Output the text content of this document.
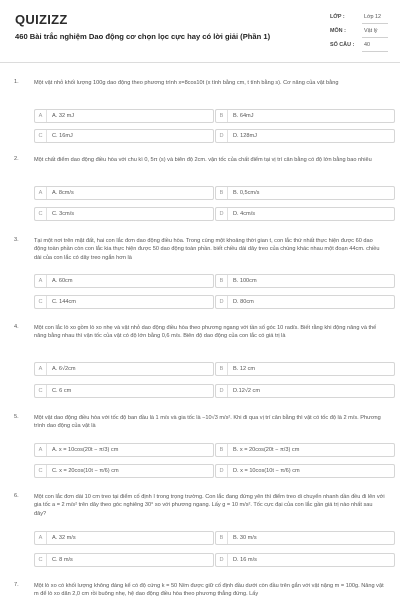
QUIZIZZ
460 Bài trắc nghiệm Dao động cơ chọn lọc cực hay có lời giải (Phần 1)
LỚP :	Lớp 12
MÔN :	Vật lý
SỐ CÂU : 40
1.	Một vật nhỏ khối lượng 100g dao động theo phương trình x=8cos10t (x tính bằng cm, t tính bằng s). Cơ năng của vật bằng
A	A. 32 mJ	B	B. 64mJ
C	C. 16mJ	D	D. 128mJ
2.	Một chất điểm dao động điều hòa với chu kì 0, 5π (s) và biên độ 2cm. vận tốc của chất điểm tại vị trí cân bằng có độ lớn bằng bao nhiêu
A	A. 8cm/s	B	B. 0,5cm/s
C	C. 3cm/s	D	D. 4cm/s
3.	Tại một nơi trên mặt đất, hai con lắc đơn dao động điều hòa. Trong cùng một khoảng thời gian t, con lắc thứ nhất thực hiện được 60 dao động toàn phần còn con lắc kia thực hiện được 50 dao động toàn phần. biết chiều dài dây treo của chúng khác nhau một đoạn 44cm. chiều dài của con lắc có dây treo ngắn hơn là
A	A. 60cm	B	B. 100cm
C	C. 144cm	D	D. 80cm
4.	Một con lắc lò xo gồm lò xo nhẹ và vật nhỏ dao động điều hòa theo phương ngang với tần số góc 10 rad/s. Biết rằng khi động năng và thế năng bằng nhau thì vận tốc của vật có độ lớn bằng 0,6 m/s. Biên độ dao động của con lắc có giá trị là
A	A. 6√2cm	B	B. 12 cm
C	C. 6 cm	D	D.12√2 cm
5.	Một vật dao động điều hòa với tốc độ ban đầu là 1 m/s và gia tốc là −10√3 m/s². Khi đi qua vị trí cân bằng thì vật có tốc độ là 2 m/s. Phương trình dao động của vật là
A	A. x = 10cos(20t − π/3) cm	B	B. x = 20cos(20t − π/3) cm
C	C. x = 20cos(10t − π/6) cm	D	D. x = 10cos(10t − π/6) cm
6.	Một con lắc đơn dài 10 cm treo tại điểm cố định I trong trọng trường. Con lắc đang đứng yên thì điểm treo di chuyển nhanh dần đều đi lên với gia tốc a = 2 m/s² trên dây theo góc nghiêng 30° so với phương ngang. Lấy g = 10 m/s². Tốc cực đại của con lắc gần giá trị nào nhất sau đây?
A	A. 32 m/s	B	B. 30 m/s
C	C. 8 m/s	D	D. 16 m/s
7.	Một lò xo có khối lượng không đáng kể có độ cứng k = 50 N/m được giữ cố định đầu dưới còn đầu trên gắn với vật nặng m = 100g. Nâng vật m để lò xo dãn 2,0 cm rồi buông nhẹ, hệ dao động điều hòa theo phương thẳng đứng. Lấy
